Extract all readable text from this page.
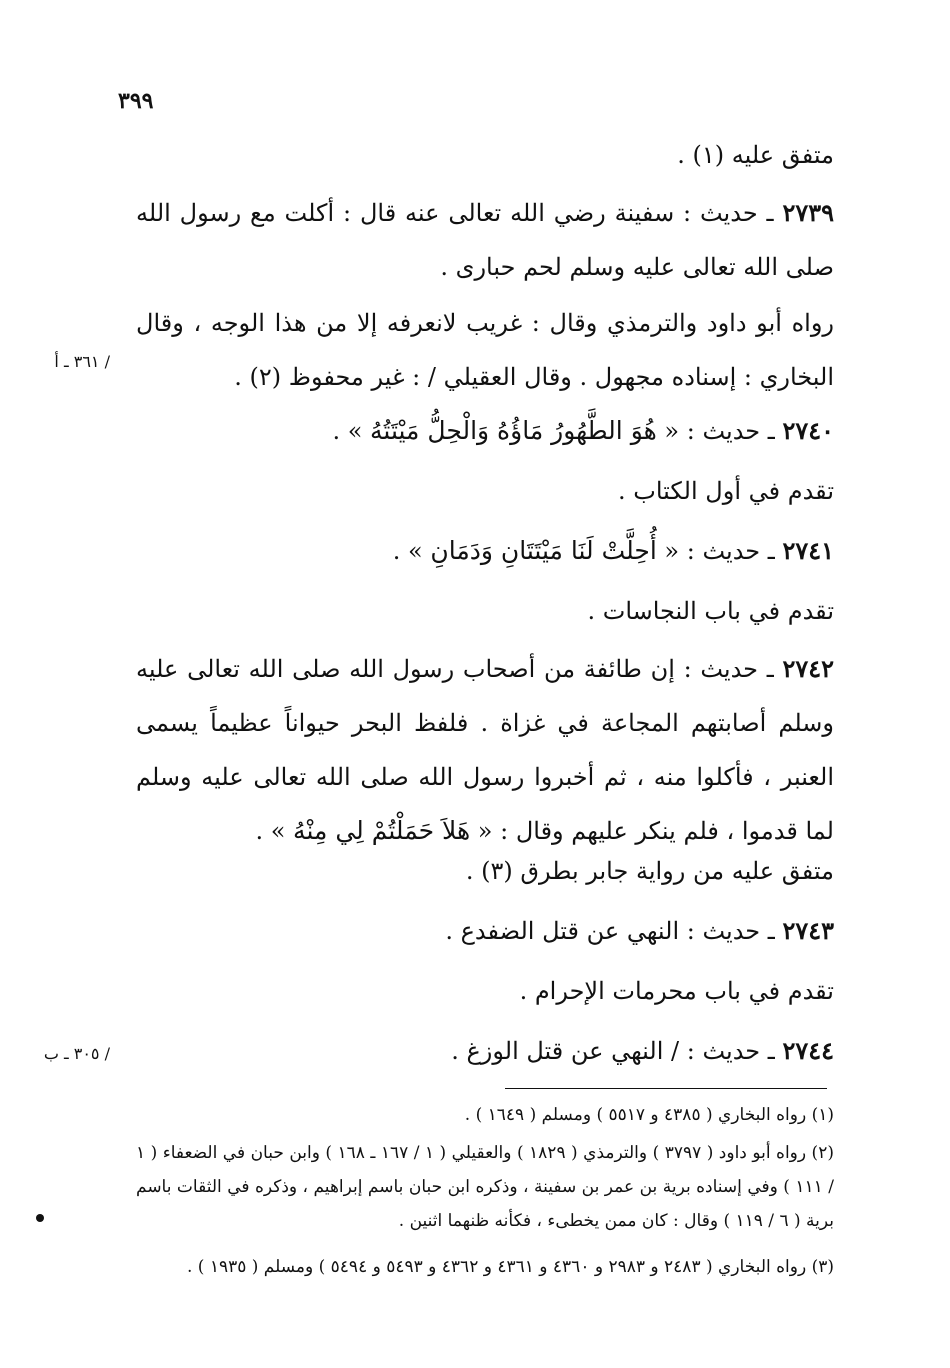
٣٩٩

متفق عليه (١) .

٢٧٣٩ ـ حديث : سفينة رضي الله تعالى عنه قال : أكلت مع رسول الله صلى الله تعالى عليه وسلم لحم حبارى .

رواه أبو داود والترمذي وقال : غريب لانعرفه إلا من هذا الوجه ، وقال البخاري : إسناده مجهول . وقال العقيلي / : غير محفوظ (٢) .

٢٧٤٠ ـ حديث : « هُوَ الطَّهُورُ مَاؤُهُ وَالْحِلُّ مَيْتَتُهُ » .

تقدم في أول الكتاب .

٢٧٤١ ـ حديث : « أُحِلَّتْ لَنَا مَيْتَتَانِ وَدَمَانِ » .

تقدم في باب النجاسات .

٢٧٤٢ ـ حديث : إن طائفة من أصحاب رسول الله صلى الله تعالى عليه وسلم أصابتهم المجاعة في غزاة . فلفظ البحر حيواناً عظيماً يسمى العنبر ، فأكلوا منه ، ثم أخبروا رسول الله صلى الله تعالى عليه وسلم لما قدموا ، فلم ينكر عليهم وقال : « هَلاَ حَمَلْتُمْ لِي مِنْهُ » .

متفق عليه من رواية جابر بطرق (٣) .

٢٧٤٣ ـ حديث : النهي عن قتل الضفدع .

تقدم في باب محرمات الإحرام .

٢٧٤٤ ـ حديث : / النهي عن قتل الوزغ .

/ ٣٦١ ـ أ
/ ٣٠٥ ـ ب

(١) رواه البخاري ( ٤٣٨٥ و ٥٥١٧ ) ومسلم ( ١٦٤٩ ) .

(٢) رواه أبو داود ( ٣٧٩٧ ) والترمذي ( ١٨٢٩ ) والعقيلي ( ١ / ١٦٧ ـ ١٦٨ ) وابن حبان في الضعفاء ( ١ / ١١١ ) وفي إسناده برية بن عمر بن سفينة ، وذكره ابن حبان باسم إبراهيم ، وذكره في الثقات باسم برية ( ٦ / ١١٩ ) وقال : كان ممن يخطىء ، فكأنه ظنهما اثنين .

(٣) رواه البخاري ( ٢٤٨٣ و ٢٩٨٣ و ٤٣٦٠ و ٤٣٦١ و ٤٣٦٢ و ٥٤٩٣ و ٥٤٩٤ ) ومسلم ( ١٩٣٥ ) .
